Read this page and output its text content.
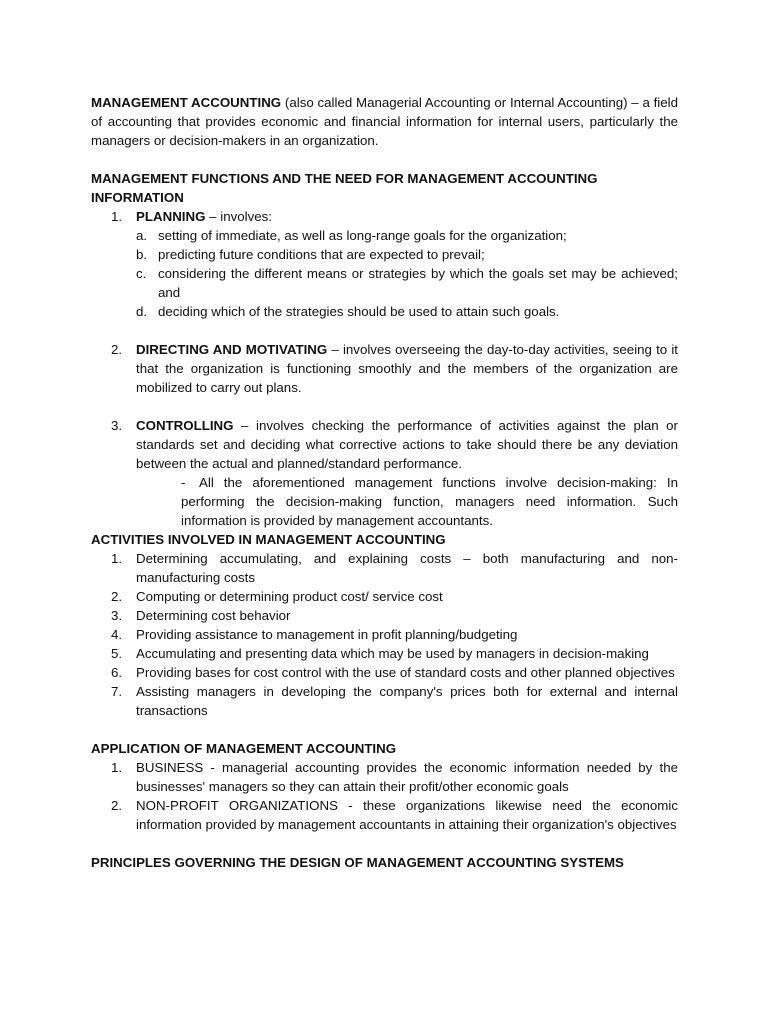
MANAGEMENT ACCOUNTING (also called Managerial Accounting or Internal Accounting) – a field of accounting that provides economic and financial information for internal users, particularly the managers or decision-makers in an organization.

MANAGEMENT FUNCTIONS AND THE NEED FOR MANAGEMENT ACCOUNTING INFORMATION

1. PLANNING – involves:
a. setting of immediate, as well as long-range goals for the organization;
b. predicting future conditions that are expected to prevail;
c. considering the different means or strategies by which the goals set may be achieved; and
d. deciding which of the strategies should be used to attain such goals.
2. DIRECTING AND MOTIVATING – involves overseeing the day-to-day activities, seeing to it that the organization is functioning smoothly and the members of the organization are mobilized to carry out plans.
3. CONTROLLING – involves checking the performance of activities against the plan or standards set and deciding what corrective actions to take should there be any deviation between the actual and planned/standard performance.
-	All the aforementioned management functions involve decision-making: In performing the decision-making function, managers need information. Such information is provided by management accountants.

ACTIVITIES INVOLVED IN MANAGEMENT ACCOUNTING

1. Determining accumulating, and explaining costs – both manufacturing and non-manufacturing costs
2. Computing or determining product cost/ service cost
3. Determining cost behavior
4. Providing assistance to management in profit planning/budgeting
5. Accumulating and presenting data which may be used by managers in decision-making
6. Providing bases for cost control with the use of standard costs and other planned objectives
7. Assisting managers in developing the company's prices both for external and internal transactions

APPLICATION OF MANAGEMENT ACCOUNTING

1. BUSINESS - managerial accounting provides the economic information needed by the businesses' managers so they can attain their profit/other economic goals
2. NON-PROFIT ORGANIZATIONS - these organizations likewise need the economic information provided by management accountants in attaining their organization's objectives

PRINCIPLES GOVERNING THE DESIGN OF MANAGEMENT ACCOUNTING SYSTEMS
